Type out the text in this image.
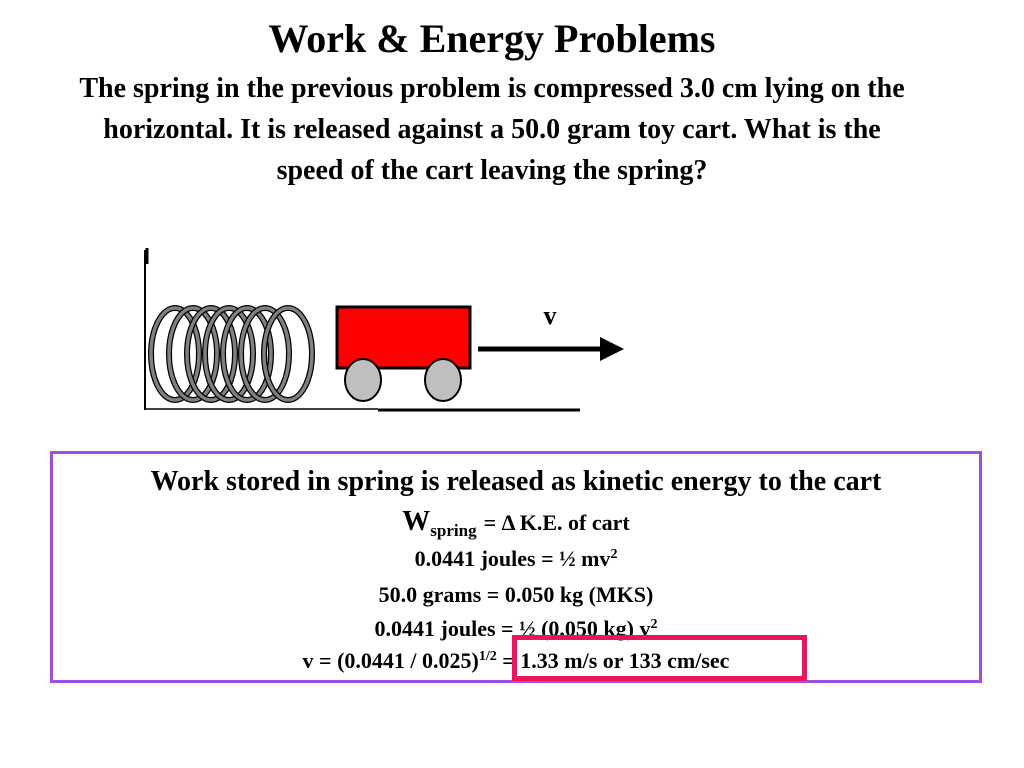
Work & Energy Problems
The spring in the previous problem is compressed 3.0 cm lying on the horizontal. It is released against a 50.0 gram toy cart. What is the speed of the cart leaving the spring?
v
Work stored in spring is released as kinetic energy to the cart
$W_{spring} = \Delta$ K.E. of cart
0.0441 joules = ½ $mv^2$
50.0 grams = 0.050 kg (MKS)
0.0441 joules = ½ (0.050 kg) $v^2$
v = (0.0441 / 0.025)$^{1/2}$ = 1.33 m/s or 133 cm/sec
